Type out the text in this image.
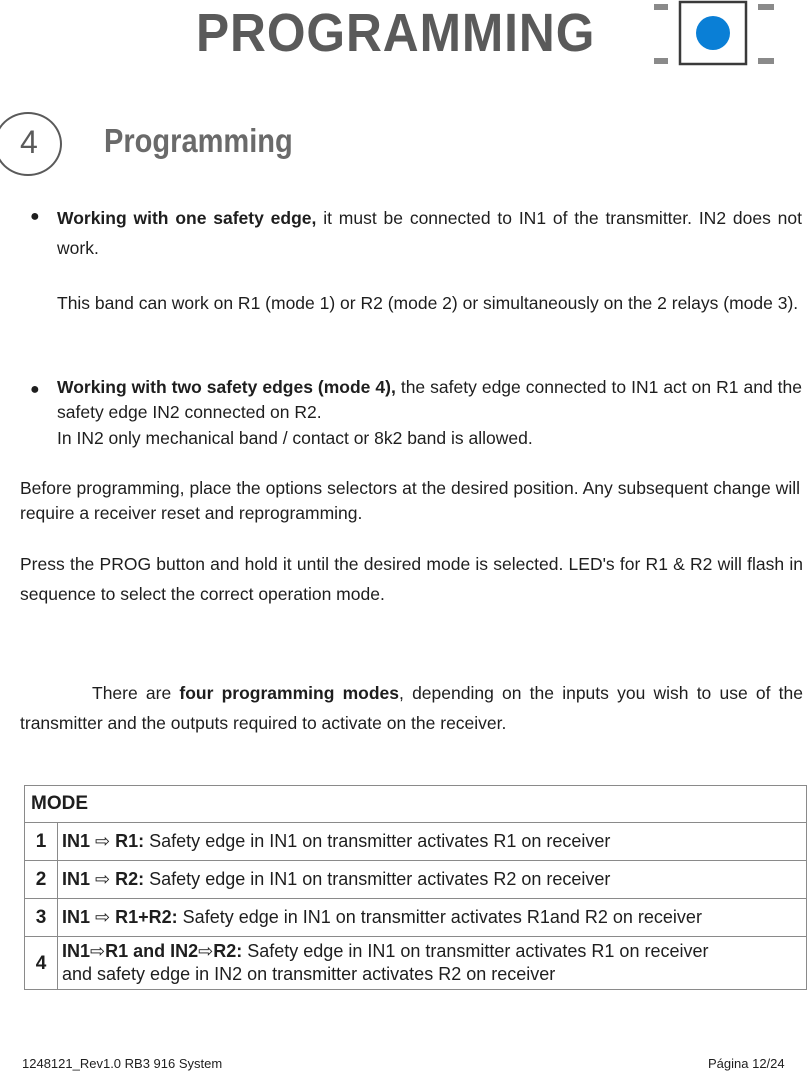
PROGRAMMING
4 Programming
● Working with one safety edge, it must be connected to IN1 of the transmitter. IN2 does not work.
This band can work on R1 (mode 1) or R2 (mode 2) or simultaneously on the 2 relays (mode 3).
● Working with two safety edges (mode 4), the safety edge connected to IN1 act on R1 and the safety edge IN2 connected on R2.
In IN2 only mechanical band / contact or 8k2 band is allowed.
Before programming, place the options selectors at the desired position. Any subsequent change will require a receiver reset and reprogramming.
Press the PROG button and hold it until the desired mode is selected. LED's for R1 & R2 will flash in sequence to select the correct operation mode.
There are four programming modes, depending on the inputs you wish to use of the transmitter and the outputs required to activate on the receiver.
MODE	
1	IN1 ⇨ R1: Safety edge in IN1 on transmitter activates R1 on receiver
2	IN1 ⇨ R2: Safety edge in IN1 on transmitter activates R2 on receiver
3	IN1 ⇨ R1+R2: Safety edge in IN1 on transmitter activates R1and R2 on receiver
4	IN1⇨R1 and IN2⇨R2: Safety edge in IN1 on transmitter activates R1 on receiver
and safety edge in IN2 on transmitter activates R2 on receiver
1248121_Rev1.0 RB3 916 System	Página 12/24
